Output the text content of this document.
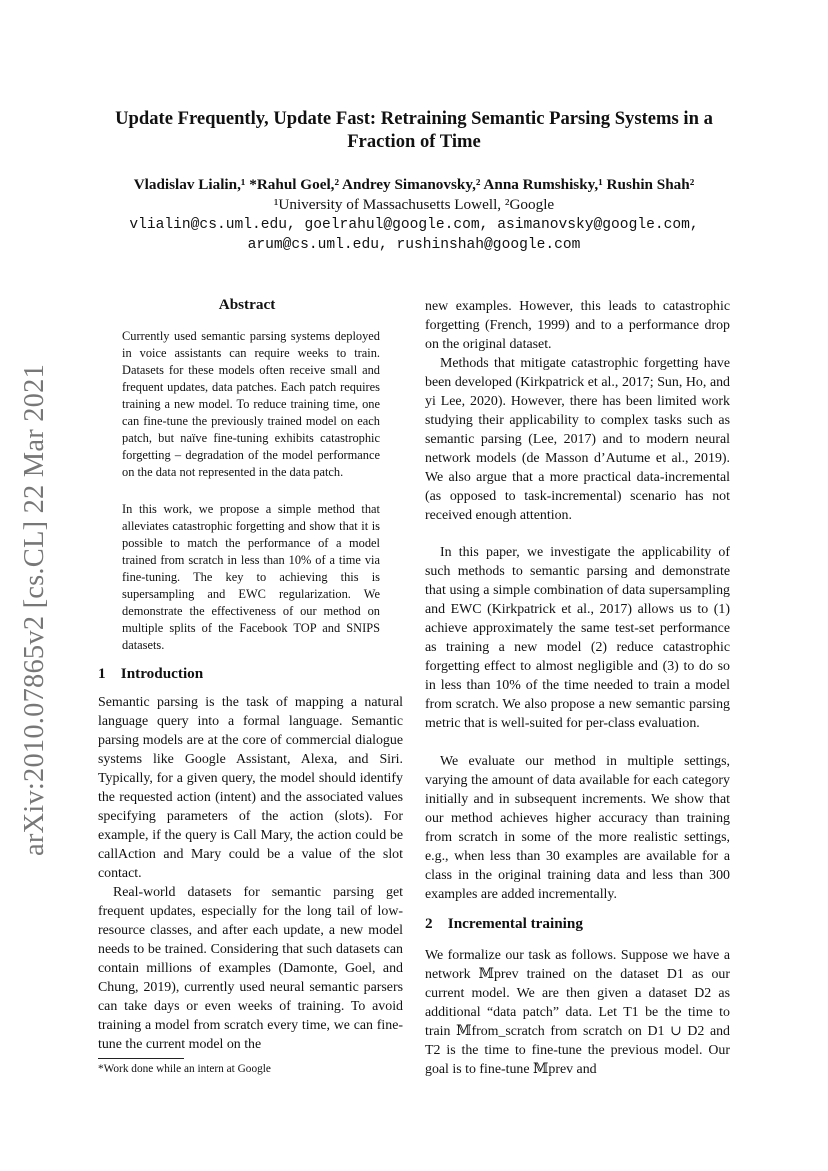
arXiv:2010.07865v2 [cs.CL] 22 Mar 2021
Update Frequently, Update Fast: Retraining Semantic Parsing Systems in a Fraction of Time
Vladislav Lialin,¹ *Rahul Goel,² Andrey Simanovsky,² Anna Rumshisky,¹ Rushin Shah²
¹University of Massachusetts Lowell, ²Google
vlialin@cs.uml.edu, goelrahul@google.com, asimanovsky@google.com,
arum@cs.uml.edu, rushinshah@google.com
Abstract

Currently used semantic parsing systems deployed in voice assistants can require weeks to train. Datasets for these models often receive small and frequent updates, data patches. Each patch requires training a new model. To reduce training time, one can fine-tune the previously trained model on each patch, but naïve fine-tuning exhibits catastrophic forgetting – degradation of the model performance on the data not represented in the data patch.

In this work, we propose a simple method that alleviates catastrophic forgetting and show that it is possible to match the performance of a model trained from scratch in less than 10% of a time via fine-tuning. The key to achieving this is supersampling and EWC regularization. We demonstrate the effectiveness of our method on multiple splits of the Facebook TOP and SNIPS datasets.

1    Introduction

Semantic parsing is the task of mapping a natural language query into a formal language. Semantic parsing models are at the core of commercial dialogue systems like Google Assistant, Alexa, and Siri. Typically, for a given query, the model should identify the requested action (intent) and the associated values specifying parameters of the action (slots). For example, if the query is Call Mary, the action could be callAction and Mary could be a value of the slot contact.

Real-world datasets for semantic parsing get frequent updates, especially for the long tail of low-resource classes, and after each update, a new model needs to be trained. Considering that such datasets can contain millions of examples (Damonte, Goel, and Chung, 2019), currently used neural semantic parsers can take days or even weeks of training. To avoid training a model from scratch every time, we can fine-tune the current model on the

*Work done while an intern at Google

new examples. However, this leads to catastrophic forgetting (French, 1999) and to a performance drop on the original dataset.

Methods that mitigate catastrophic forgetting have been developed (Kirkpatrick et al., 2017; Sun, Ho, and yi Lee, 2020). However, there has been limited work studying their applicability to complex tasks such as semantic parsing (Lee, 2017) and to modern neural network models (de Masson d’Autume et al., 2019). We also argue that a more practical data-incremental (as opposed to task-incremental) scenario has not received enough attention.

In this paper, we investigate the applicability of such methods to semantic parsing and demonstrate that using a simple combination of data supersampling and EWC (Kirkpatrick et al., 2017) allows us to (1) achieve approximately the same test-set performance as training a new model (2) reduce catastrophic forgetting effect to almost negligible and (3) to do so in less than 10% of the time needed to train a model from scratch. We also propose a new semantic parsing metric that is well-suited for per-class evaluation.

We evaluate our method in multiple settings, varying the amount of data available for each category initially and in subsequent increments. We show that our method achieves higher accuracy than training from scratch in some of the more realistic settings, e.g., when less than 30 examples are available for a class in the original training data and less than 300 examples are added incrementally.

2    Incremental training

We formalize our task as follows. Suppose we have a network 𝕄prev trained on the dataset D1 as our current model. We are then given a dataset D2 as additional “data patch” data. Let T1 be the time to train 𝕄from_scratch from scratch on D1 ∪ D2 and T2 is the time to fine-tune the previous model. Our goal is to fine-tune 𝕄prev and
